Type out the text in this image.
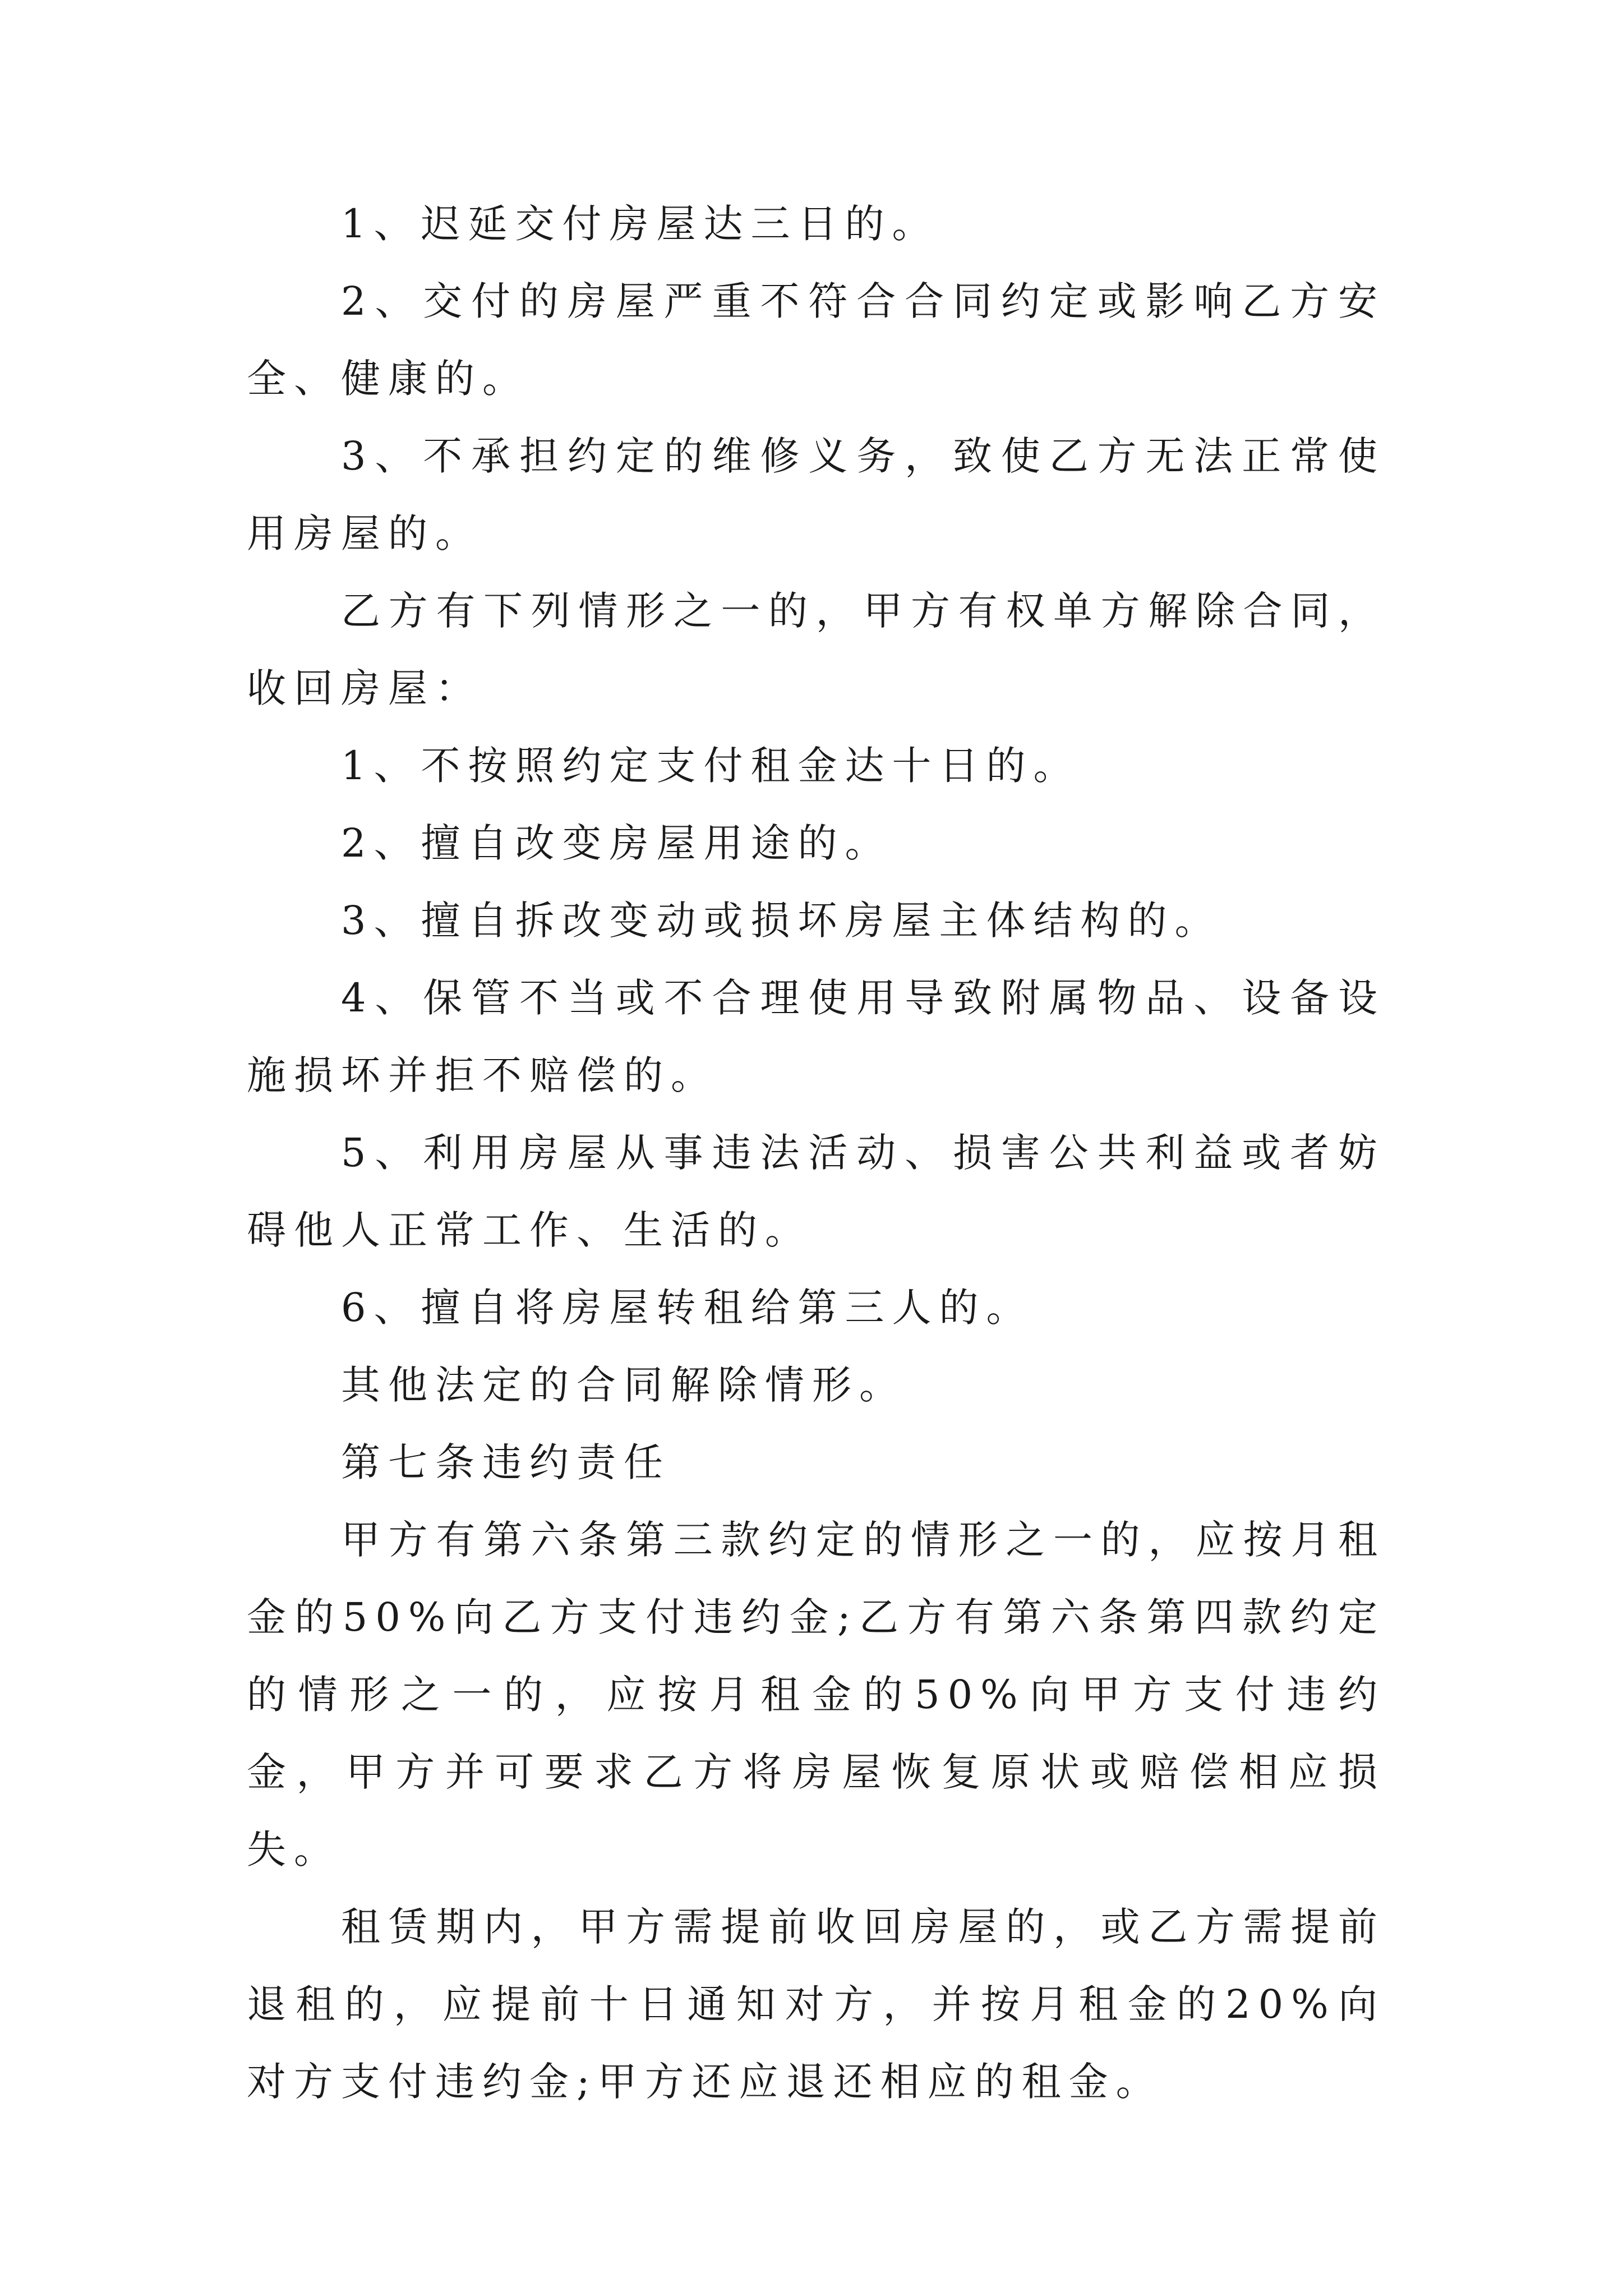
1、迟延交付房屋达三日的。

2、交付的房屋严重不符合合同约定或影响乙方安全、健康的。

3、不承担约定的维修义务，致使乙方无法正常使用房屋的。

乙方有下列情形之一的，甲方有权单方解除合同，收回房屋：

1、不按照约定支付租金达十日的。

2、擅自改变房屋用途的。

3、擅自拆改变动或损坏房屋主体结构的。

4、保管不当或不合理使用导致附属物品、设备设施损坏并拒不赔偿的。

5、利用房屋从事违法活动、损害公共利益或者妨碍他人正常工作、生活的。

6、擅自将房屋转租给第三人的。

其他法定的合同解除情形。

第七条违约责任

甲方有第六条第三款约定的情形之一的，应按月租金的50%向乙方支付违约金;乙方有第六条第四款约定的情形之一的，应按月租金的50%向甲方支付违约金，甲方并可要求乙方将房屋恢复原状或赔偿相应损失。

租赁期内，甲方需提前收回房屋的，或乙方需提前退租的，应提前十日通知对方，并按月租金的20%向对方支付违约金;甲方还应退还相应的租金。
